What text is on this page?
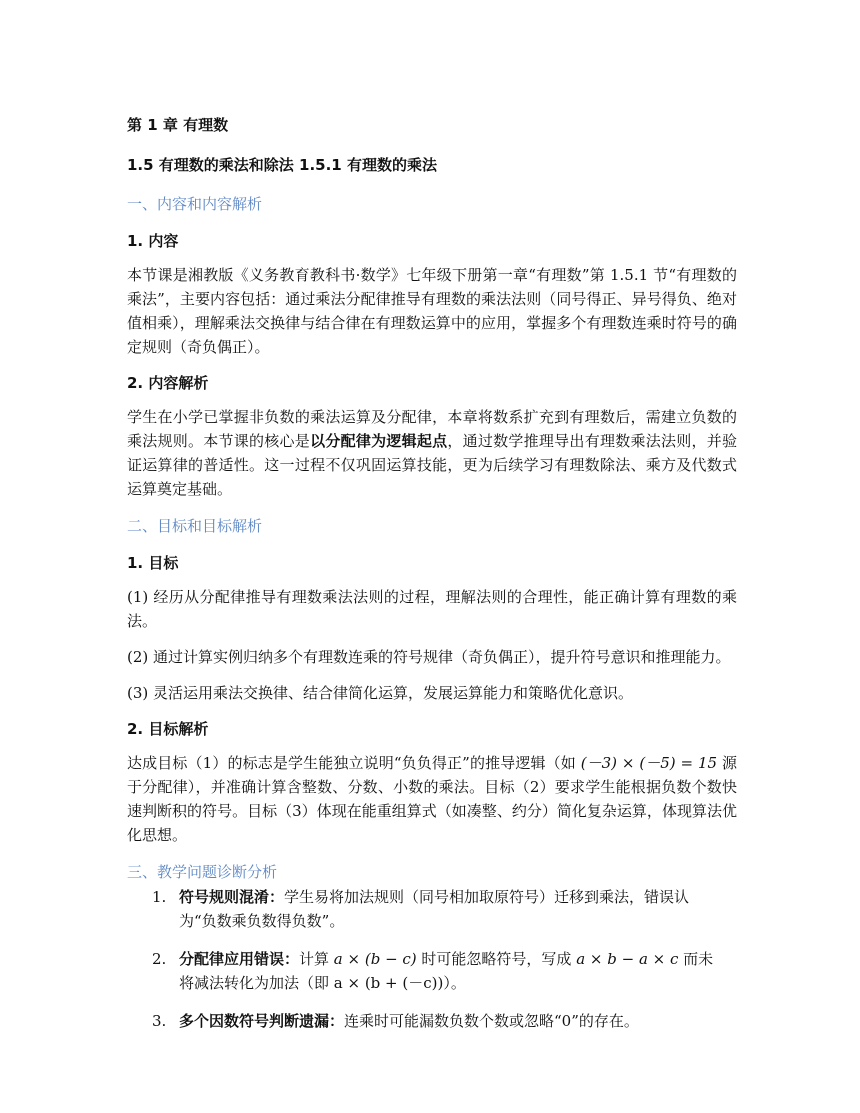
第 1 章 有理数
1.5 有理数的乘法和除法 1.5.1 有理数的乘法
一、内容和内容解析
1. 内容

本节课是湘教版《义务教育教科书·数学》七年级下册第一章“有理数”第 1.5.1 节“有理数的乘法”，主要内容包括：通过乘法分配律推导有理数的乘法法则（同号得正、异号得负、绝对值相乘），理解乘法交换律与结合律在有理数运算中的应用，掌握多个有理数连乘时符号的确定规则（奇负偶正）。

2. 内容解析

学生在小学已掌握非负数的乘法运算及分配律，本章将数系扩充到有理数后，需建立负数的乘法规则。本节课的核心是以分配律为逻辑起点，通过数学推理导出有理数乘法法则，并验证运算律的普适性。这一过程不仅巩固运算技能，更为后续学习有理数除法、乘方及代数式运算奠定基础。

二、目标和目标解析
1. 目标

(1) 经历从分配律推导有理数乘法法则的过程，理解法则的合理性，能正确计算有理数的乘法。

(2) 通过计算实例归纳多个有理数连乘的符号规律（奇负偶正），提升符号意识和推理能力。

(3) 灵活运用乘法交换律、结合律简化运算，发展运算能力和策略优化意识。

2. 目标解析

达成目标（1）的标志是学生能独立说明“负负得正”的推导逻辑（如 (－3) × (－5) = 15 源于分配律），并准确计算含整数、分数、小数的乘法。目标（2）要求学生能根据负数个数快速判断积的符号。目标（3）体现在能重组算式（如凑整、约分）简化复杂运算，体现算法优化思想。

三、教学问题诊断分析
1. 符号规则混淆：学生易将加法规则（同号相加取原符号）迁移到乘法，错误认为“负数乘负数得负数”。
2. 分配律应用错误：计算 a × (b − c) 时可能忽略符号，写成 a × b − a × c 而未将减法转化为加法（即 a × (b + (－c))）。
3. 多个因数符号判断遗漏：连乘时可能漏数负数个数或忽略“0”的存在。
